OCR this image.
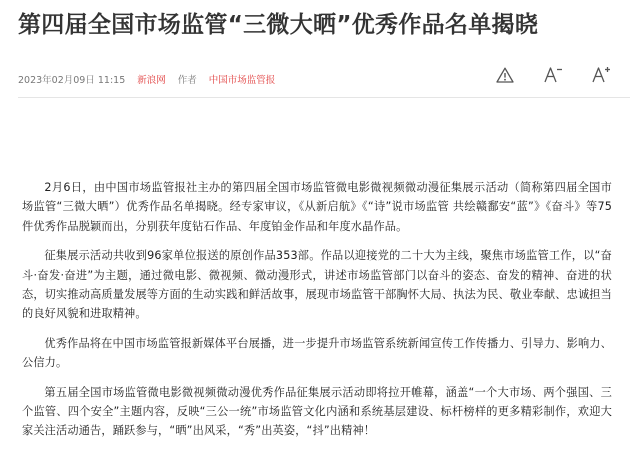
第四届全国市场监管“三微大晒”优秀作品名单揭晓
2023年02月09日 11:15 新浪网 作者 中国市场监管报

2月6日，由中国市场监管报社主办的第四届全国市场监管微电影微视频微动漫征集展示活动（简称第四届全国市场监管“三微大晒”）优秀作品名单揭晓。经专家审议，《从新启航》《“诗”说市场监管 共绘赣鄱安“蓝”》《奋斗》等75件优秀作品脱颖而出，分别获年度钻石作品、年度铂金作品和年度水晶作品。

征集展示活动共收到96家单位报送的原创作品353部。作品以迎接党的二十大为主线，聚焦市场监管工作，以“奋斗·奋发·奋进”为主题，通过微电影、微视频、微动漫形式，讲述市场监管部门以奋斗的姿态、奋发的精神、奋进的状态，切实推动高质量发展等方面的生动实践和鲜活故事，展现市场监管干部胸怀大局、执法为民、敬业奉献、忠诚担当的良好风貌和进取精神。

优秀作品将在中国市场监管报新媒体平台展播，进一步提升市场监管系统新闻宣传工作传播力、引导力、影响力、公信力。

第五届全国市场监管微电影微视频微动漫优秀作品征集展示活动即将拉开帷幕，涵盖“一个大市场、两个强国、三个监管、四个安全”主题内容，反映“三公一统”市场监管文化内涵和系统基层建设、标杆榜样的更多精彩制作，欢迎大家关注活动通告，踊跃参与，“晒”出风采，“秀”出英姿，“抖”出精神！
